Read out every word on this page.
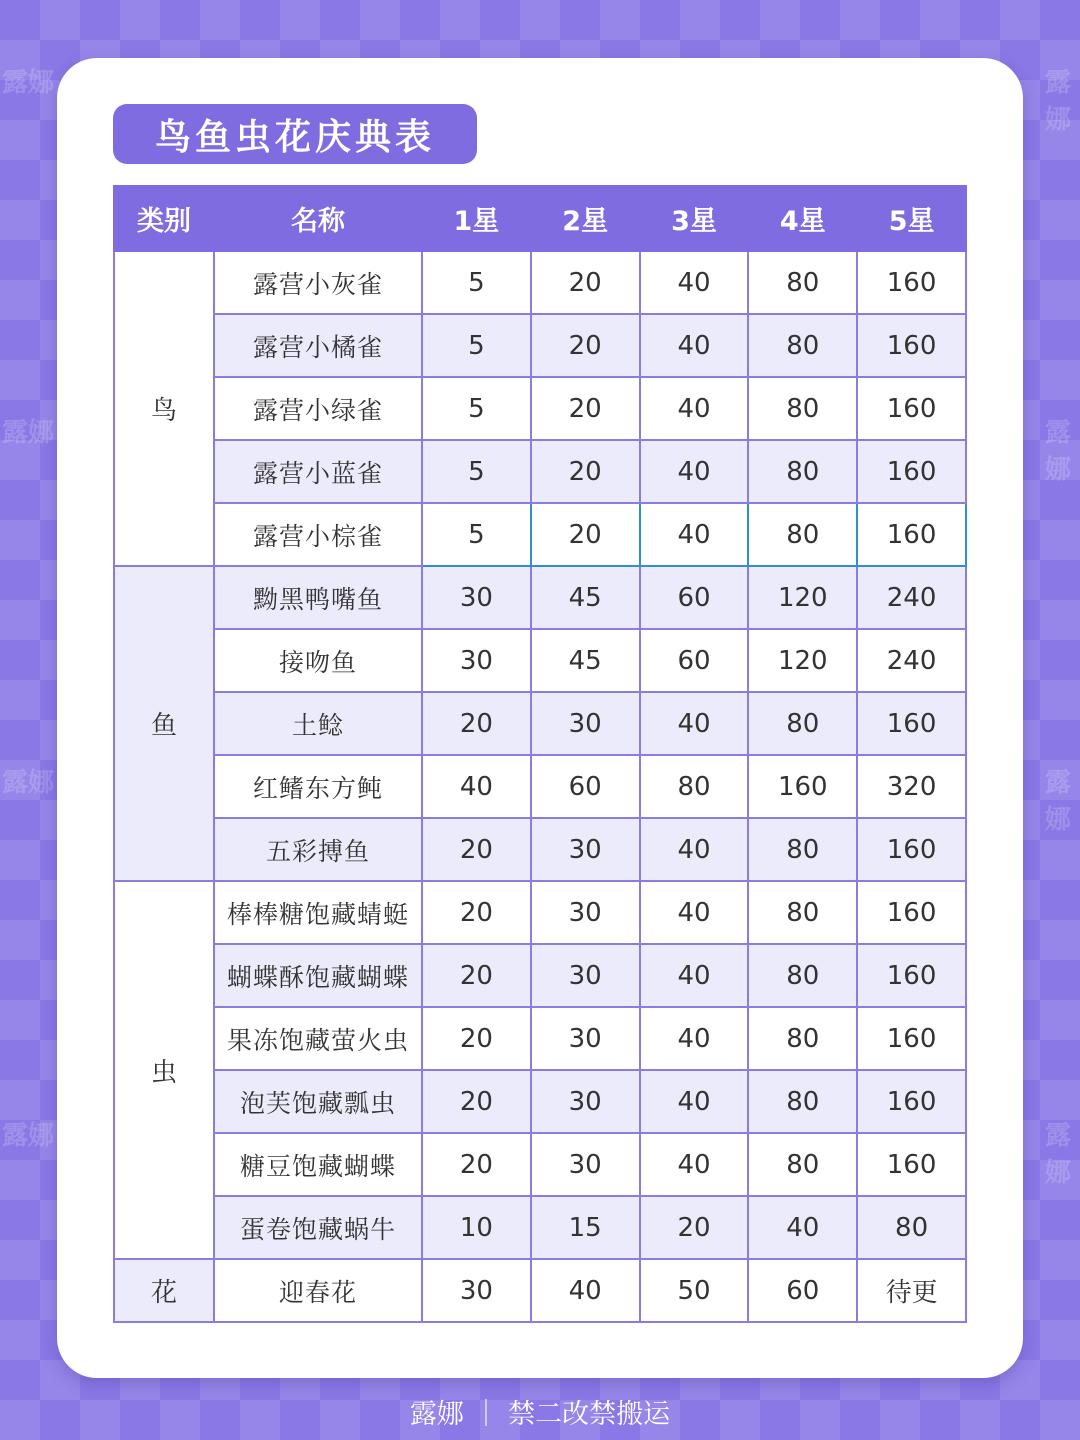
露娜
露娜
露娜
露娜
露娜
露娜
露娜
露娜
鸟鱼虫花庆典表
类别	名称	1星	2星	3星	4星	5星
鸟	露营小灰雀	5	20	40	80	160
	露营小橘雀	5	20	40	80	160
	露营小绿雀	5	20	40	80	160
	露营小蓝雀	5	20	40	80	160
	露营小棕雀	5	20	40	80	160
鱼	黝黑鸭嘴鱼	30	45	60	120	240
	接吻鱼	30	45	60	120	240
	土鲶	20	30	40	80	160
	红鳍东方鲀	40	60	80	160	320
	五彩搏鱼	20	30	40	80	160
虫	棒棒糖饱藏蜻蜓	20	30	40	80	160
	蝴蝶酥饱藏蝴蝶	20	30	40	80	160
	果冻饱藏萤火虫	20	30	40	80	160
	泡芙饱藏瓢虫	20	30	40	80	160
	糖豆饱藏蝴蝶	20	30	40	80	160
	蛋卷饱藏蜗牛	10	15	20	40	80
花	迎春花	30	40	50	60	待更
露娜 ｜ 禁二改禁搬运
